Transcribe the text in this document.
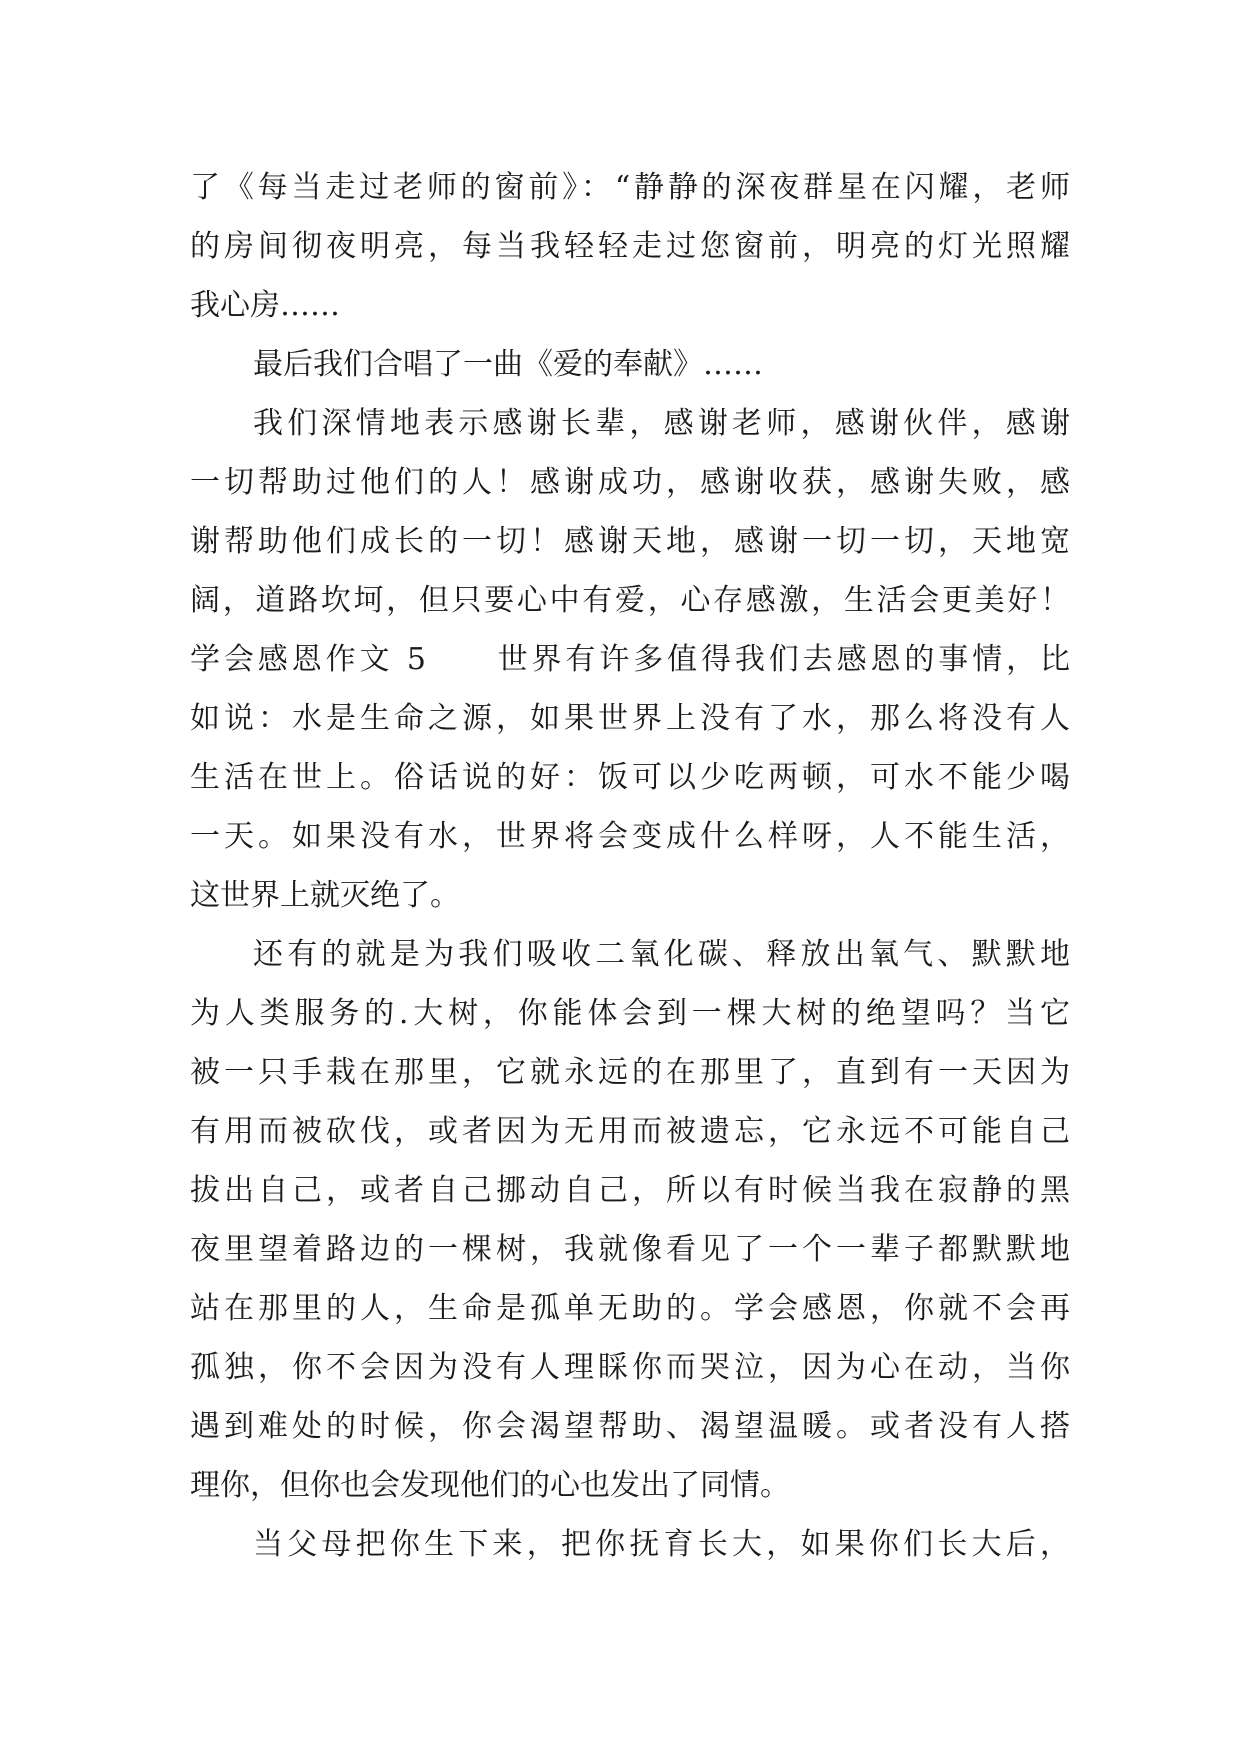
了《每当走过老师的窗前》：“静静的深夜群星在闪耀，老师
的房间彻夜明亮，每当我轻轻走过您窗前，明亮的灯光照耀
我心房……
最后我们合唱了一曲《爱的奉献》……
我们深情地表示感谢长辈，感谢老师，感谢伙伴，感谢
一切帮助过他们的人！感谢成功，感谢收获，感谢失败，感
谢帮助他们成长的一切！感谢天地，感谢一切一切，天地宽
阔，道路坎坷，但只要心中有爱，心存感激，生活会更美好！
学会感恩作文 5　　世界有许多值得我们去感恩的事情，比
如说：水是生命之源，如果世界上没有了水，那么将没有人
生活在世上。俗话说的好：饭可以少吃两顿，可水不能少喝
一天。如果没有水，世界将会变成什么样呀，人不能生活，
这世界上就灭绝了。
还有的就是为我们吸收二氧化碳、释放出氧气、默默地
为人类服务的.大树，你能体会到一棵大树的绝望吗？当它
被一只手栽在那里，它就永远的在那里了，直到有一天因为
有用而被砍伐，或者因为无用而被遗忘，它永远不可能自己
拔出自己，或者自己挪动自己，所以有时候当我在寂静的黑
夜里望着路边的一棵树，我就像看见了一个一辈子都默默地
站在那里的人，生命是孤单无助的。学会感恩，你就不会再
孤独，你不会因为没有人理睬你而哭泣，因为心在动，当你
遇到难处的时候，你会渴望帮助、渴望温暖。或者没有人搭
理你，但你也会发现他们的心也发出了同情。
当父母把你生下来，把你抚育长大，如果你们长大后，
